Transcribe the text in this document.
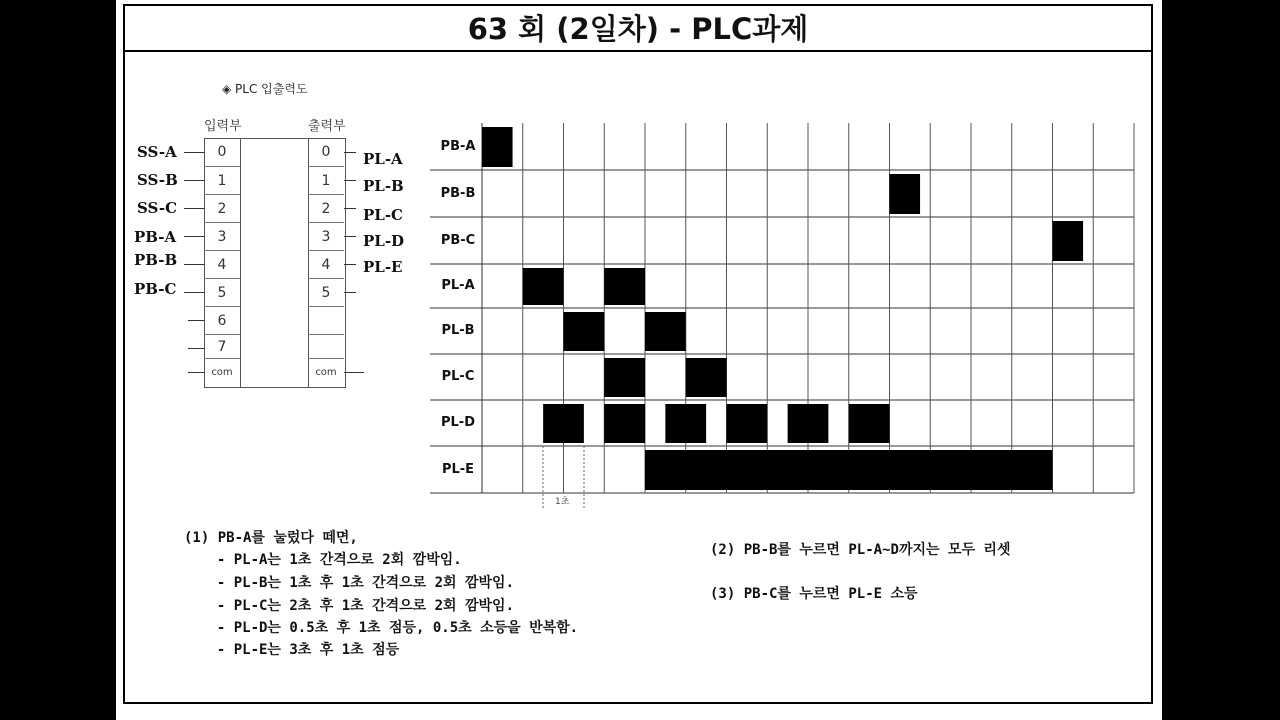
63 회 (2일차) - PLC과제
◈ PLC 입출력도
입력부	출력부
0
1
2
3
4
5
6
7
com
0
1
2
3
4
5
com
SS-A
SS-B
SS-C
PB-A
PB-B
PB-C
PL-A
PL-B
PL-C
PL-D
PL-E
PB-A
PB-B
PB-C
PL-A
PL-B
PL-C
PL-D
PL-E
1초
(1) PB-A를 눌렀다 떼면,
- PL-A는 1초 간격으로 2회 깜박임.
- PL-B는 1초 후 1초 간격으로 2회 깜박임.
- PL-C는 2초 후 1초 간격으로 2회 깜박임.
- PL-D는 0.5초 후 1초 점등, 0.5초 소등을 반복함.
- PL-E는 3초 후 1초 점등
(2) PB-B를 누르면 PL-A~D까지는 모두 리셋
(3) PB-C를 누르면 PL-E 소등
